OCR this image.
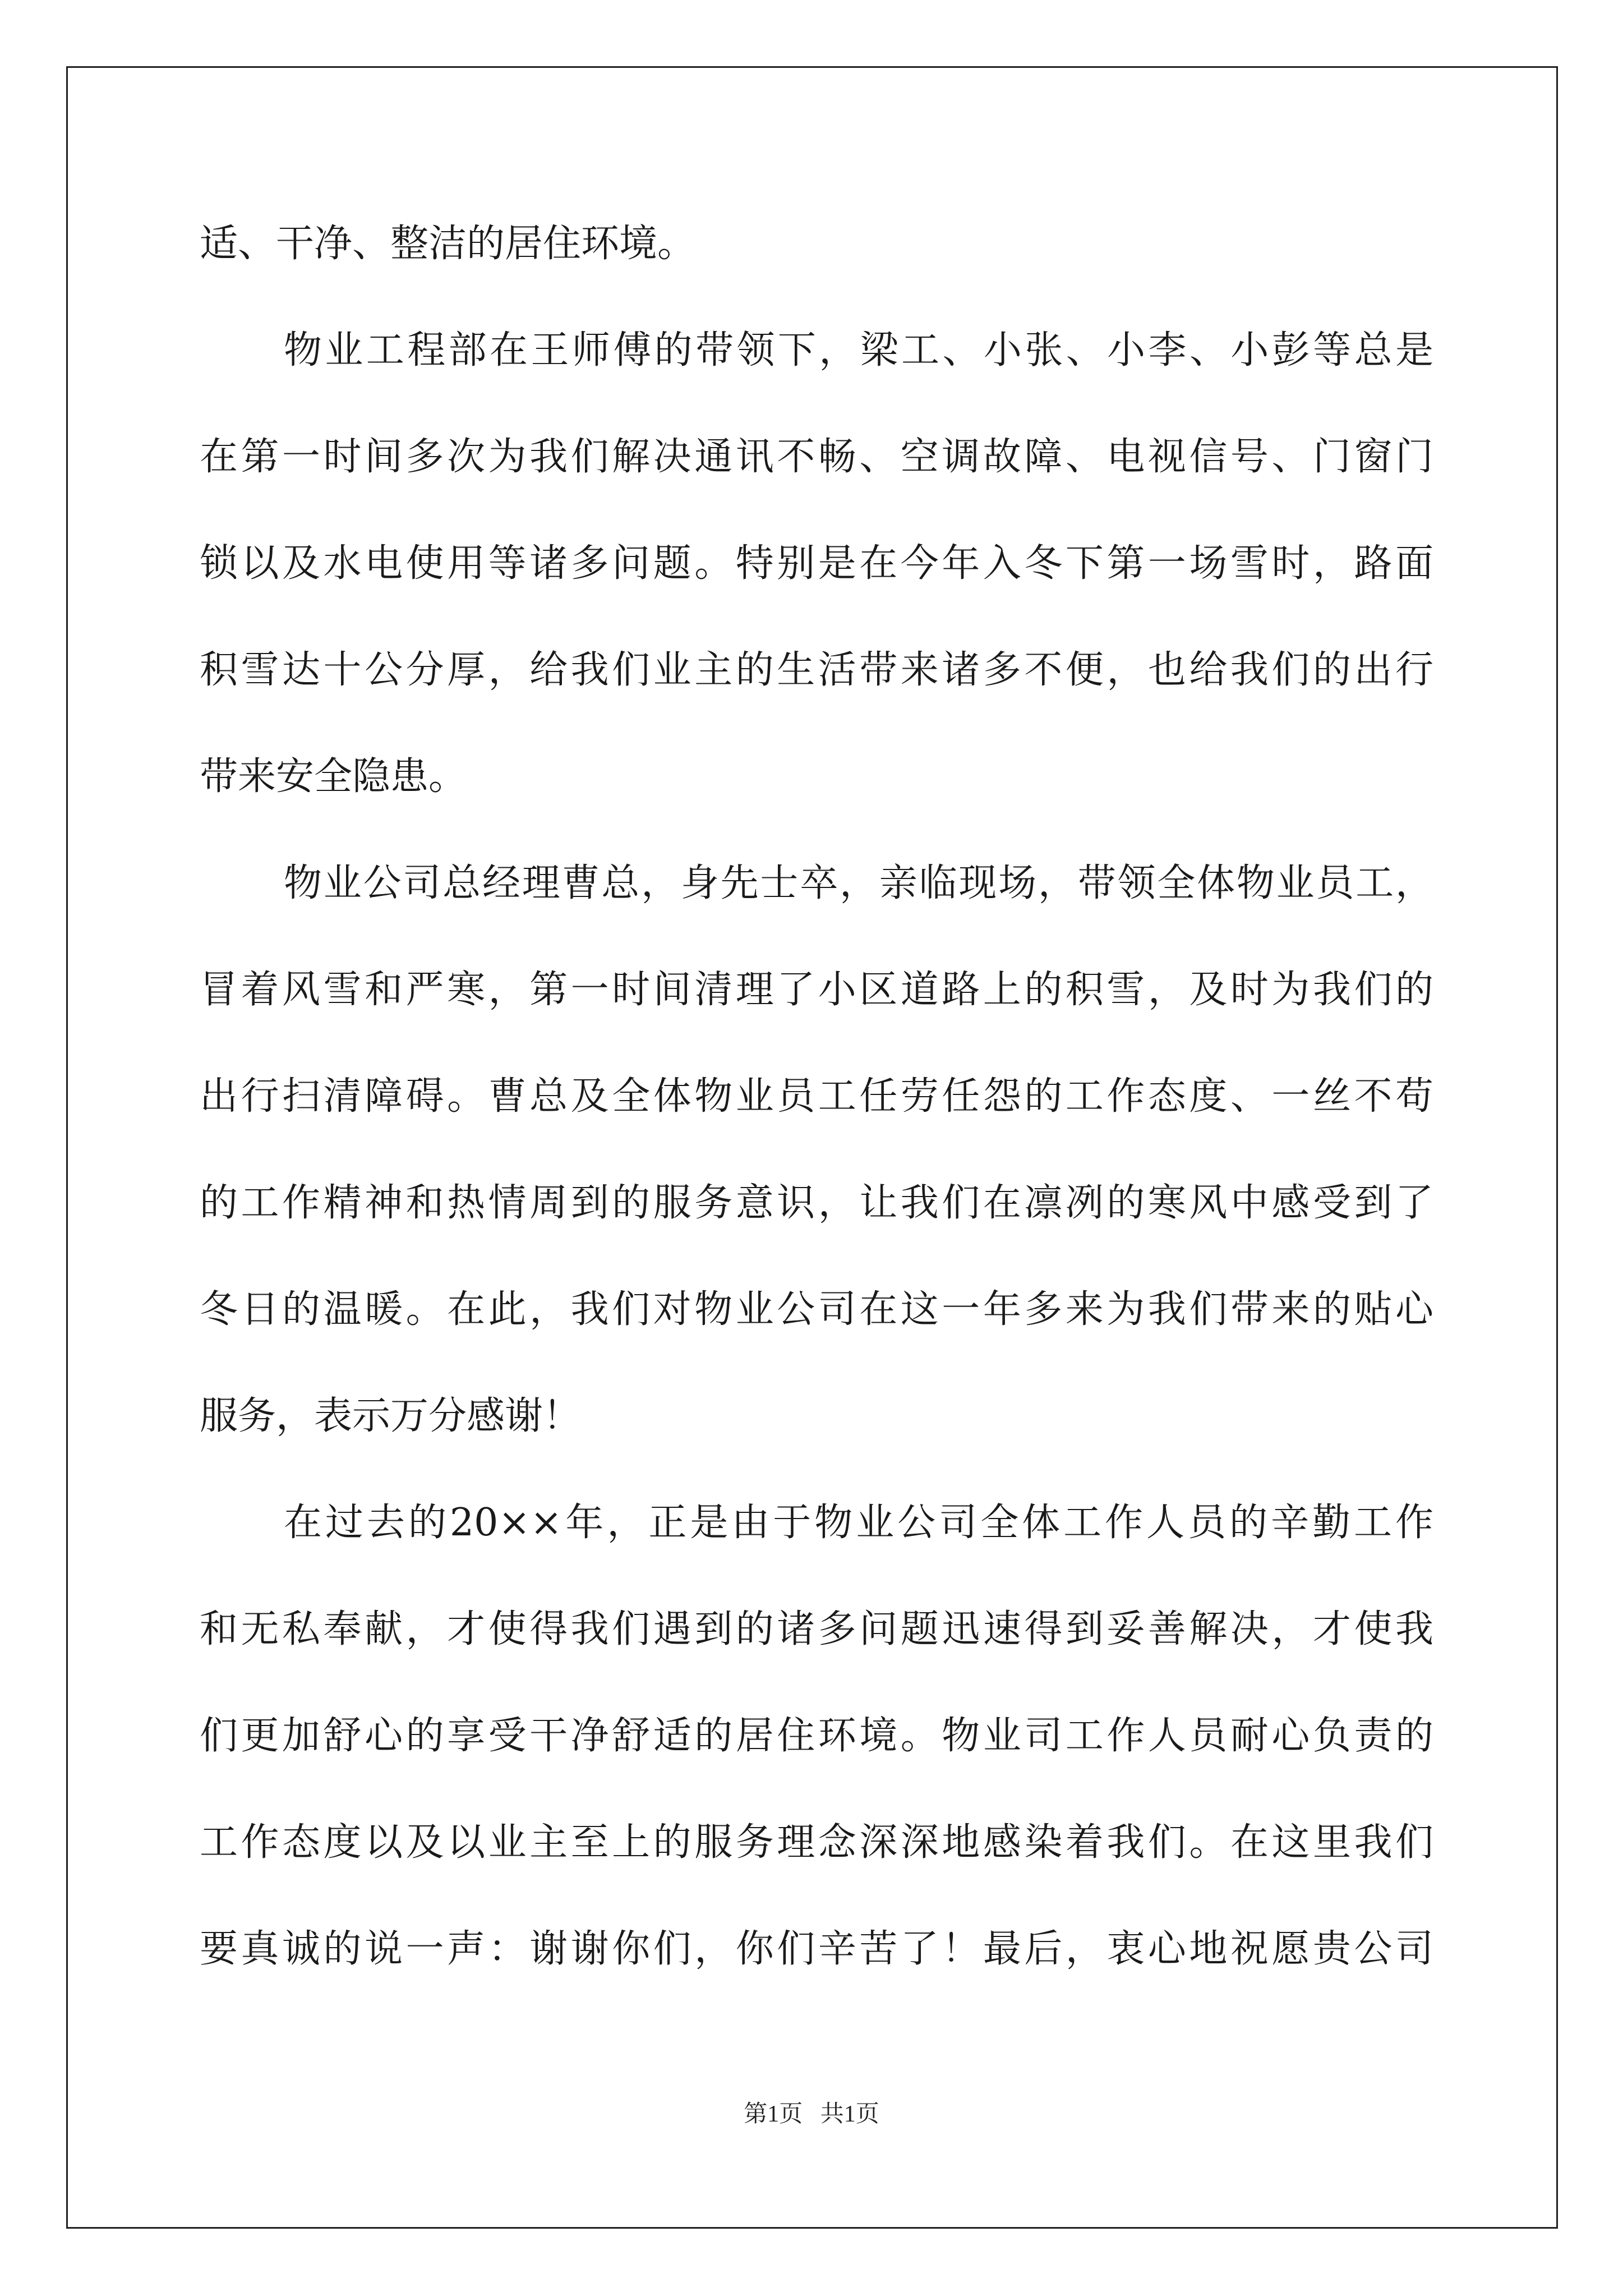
适、干净、整洁的居住环境。
物业工程部在王师傅的带领下，梁工、小张、小李、小彭等总是
在第一时间多次为我们解决通讯不畅、空调故障、电视信号、门窗门
锁以及水电使用等诸多问题。特别是在今年入冬下第一场雪时，路面
积雪达十公分厚，给我们业主的生活带来诸多不便，也给我们的出行
带来安全隐患。
物业公司总经理曹总，身先士卒，亲临现场，带领全体物业员工，
冒着风雪和严寒，第一时间清理了小区道路上的积雪，及时为我们的
出行扫清障碍。曹总及全体物业员工任劳任怨的工作态度、一丝不苟
的工作精神和热情周到的服务意识，让我们在凛冽的寒风中感受到了
冬日的温暖。在此，我们对物业公司在这一年多来为我们带来的贴心
服务，表示万分感谢！
在过去的20××年，正是由于物业公司全体工作人员的辛勤工作
和无私奉献，才使得我们遇到的诸多问题迅速得到妥善解决，才使我
们更加舒心的享受干净舒适的居住环境。物业司工作人员耐心负责的
工作态度以及以业主至上的服务理念深深地感染着我们。在这里我们
要真诚的说一声：谢谢你们，你们辛苦了！最后，衷心地祝愿贵公司
第1页   共1页
